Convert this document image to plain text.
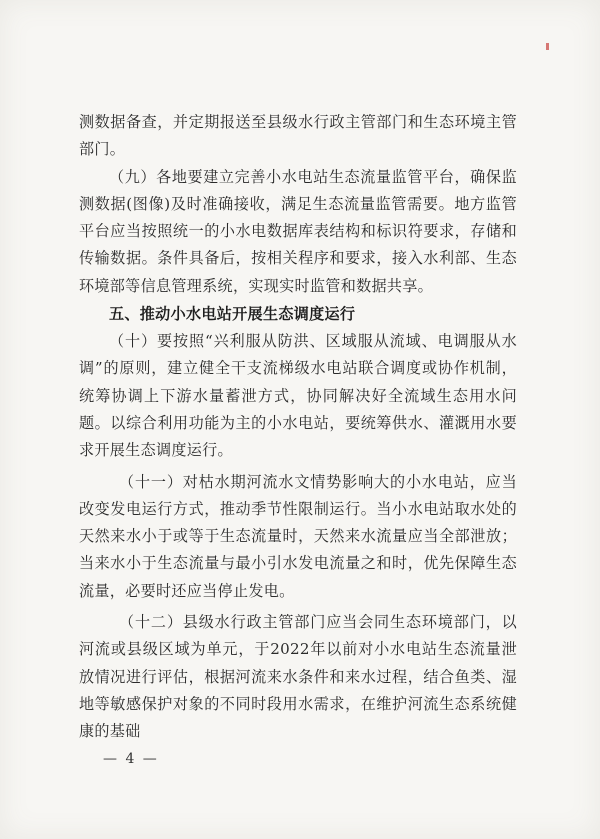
测数据备查，并定期报送至县级水行政主管部门和生态环境主管部门。

（九）各地要建立完善小水电站生态流量监管平台，确保监测数据(图像)及时准确接收，满足生态流量监管需要。地方监管平台应当按照统一的小水电数据库表结构和标识符要求，存储和传输数据。条件具备后，按相关程序和要求，接入水利部、生态环境部等信息管理系统，实现实时监管和数据共享。

五、推动小水电站开展生态调度运行

（十）要按照“兴利服从防洪、区域服从流域、电调服从水调”的原则，建立健全干支流梯级水电站联合调度或协作机制，统筹协调上下游水量蓄泄方式，协同解决好全流域生态用水问题。以综合利用功能为主的小水电站，要统筹供水、灌溉用水要求开展生态调度运行。

（十一）对枯水期河流水文情势影响大的小水电站，应当改变发电运行方式，推动季节性限制运行。当小水电站取水处的天然来水小于或等于生态流量时，天然来水流量应当全部泄放；当来水小于生态流量与最小引水发电流量之和时，优先保障生态流量，必要时还应当停止发电。

（十二）县级水行政主管部门应当会同生态环境部门，以河流或县级区域为单元，于2022年以前对小水电站生态流量泄放情况进行评估，根据河流来水条件和来水过程，结合鱼类、湿地等敏感保护对象的不同时段用水需求，在维护河流生态系统健康的基础

— 4 —
